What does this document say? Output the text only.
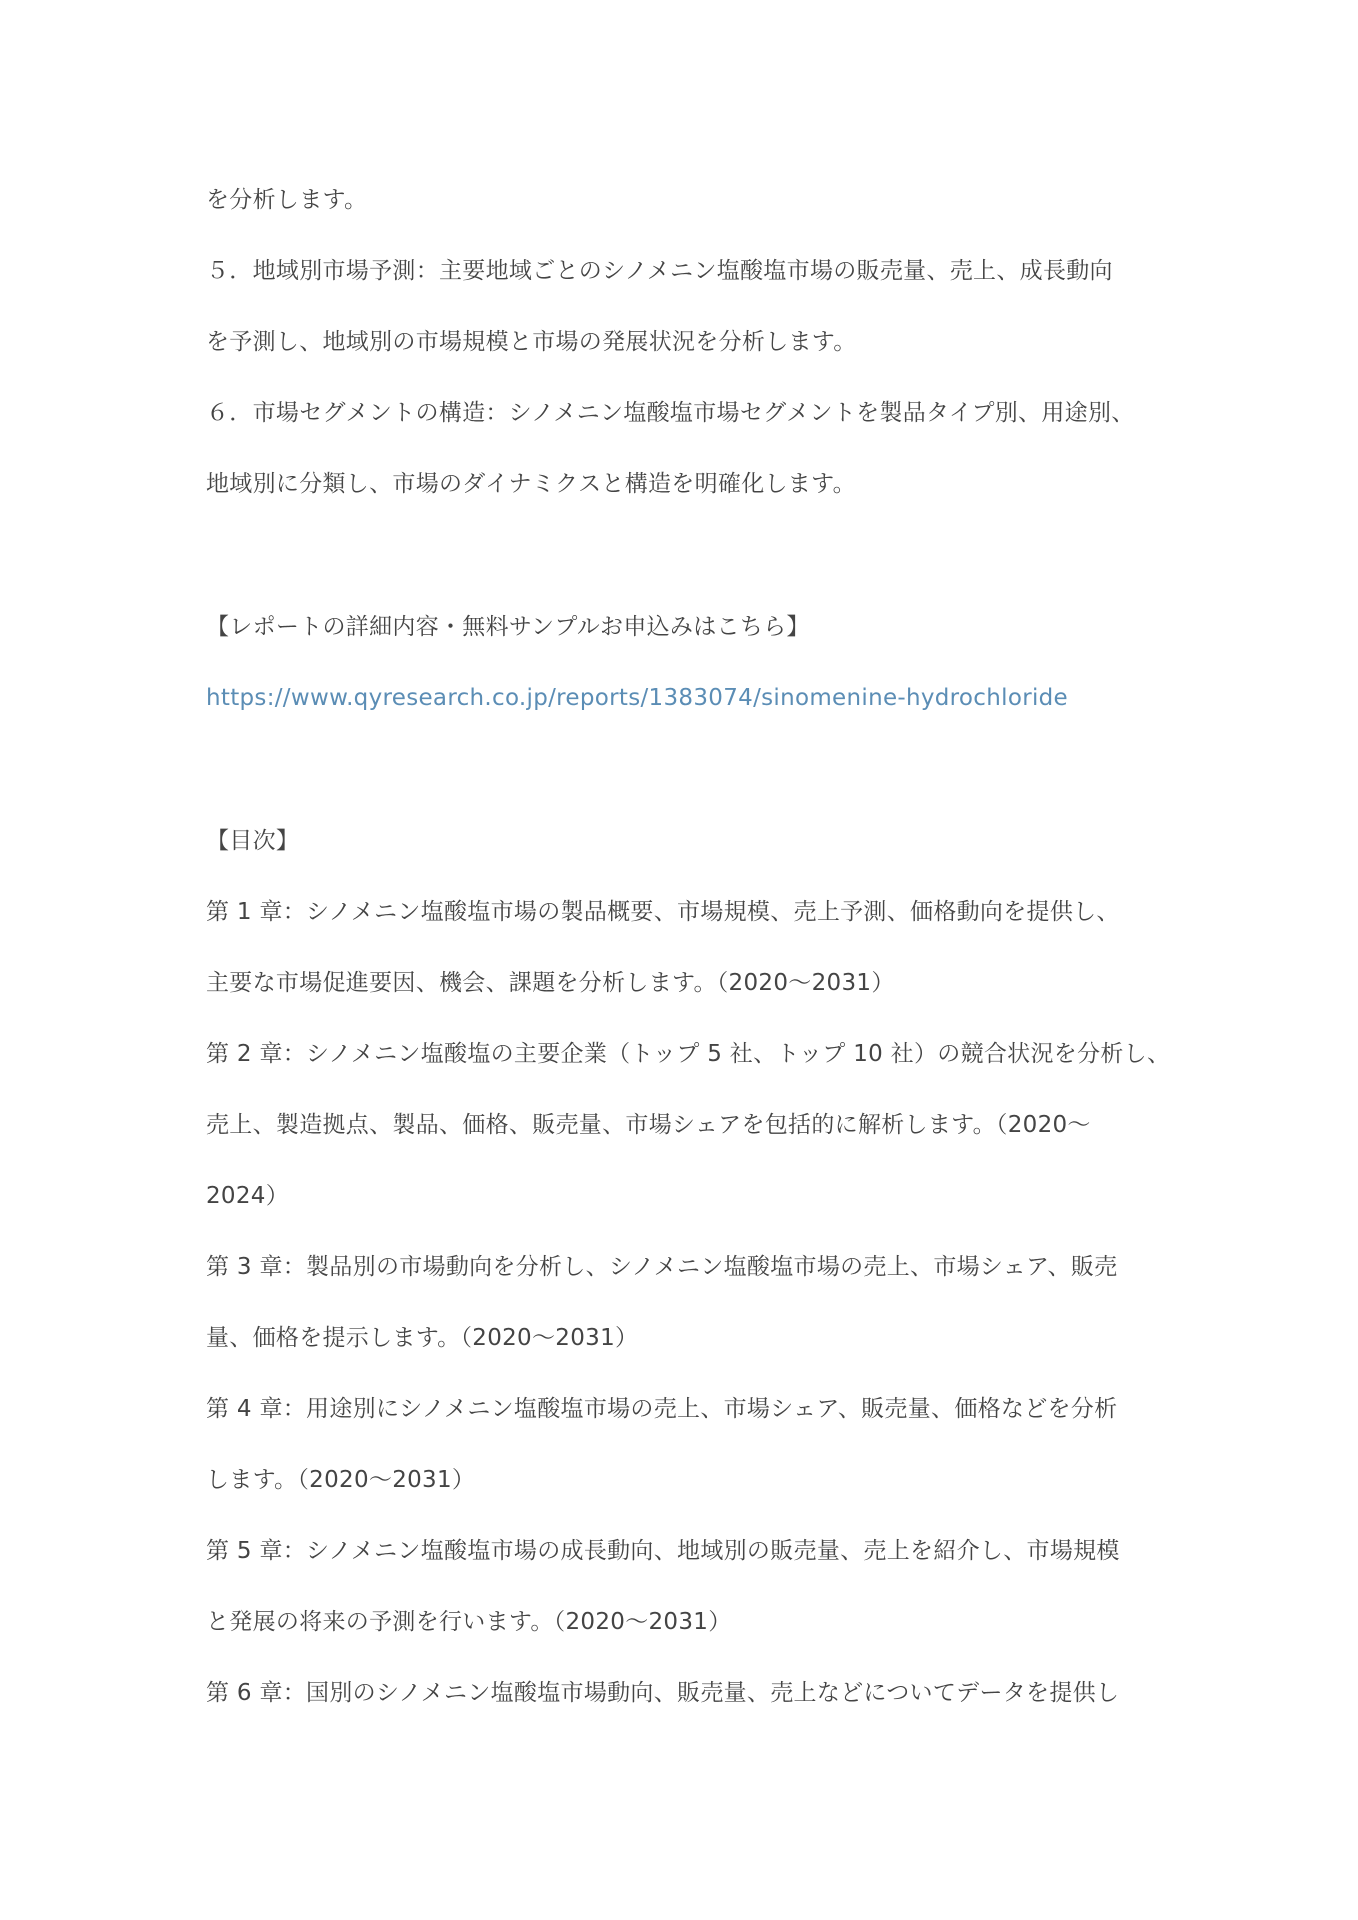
を分析します。
５．地域別市場予測：主要地域ごとのシノメニン塩酸塩市場の販売量、売上、成長動向
を予測し、地域別の市場規模と市場の発展状況を分析します。
６．市場セグメントの構造：シノメニン塩酸塩市場セグメントを製品タイプ別、用途別、
地域別に分類し、市場のダイナミクスと構造を明確化します。
【レポートの詳細内容・無料サンプルお申込みはこちら】
https://www.qyresearch.co.jp/reports/1383074/sinomenine-hydrochloride
【目次】
第 1 章：シノメニン塩酸塩市場の製品概要、市場規模、売上予測、価格動向を提供し、
主要な市場促進要因、機会、課題を分析します。（2020～2031）
第 2 章：シノメニン塩酸塩の主要企業（トップ 5 社、トップ 10 社）の競合状況を分析し、
売上、製造拠点、製品、価格、販売量、市場シェアを包括的に解析します。（2020～
2024）
第 3 章：製品別の市場動向を分析し、シノメニン塩酸塩市場の売上、市場シェア、販売
量、価格を提示します。（2020～2031）
第 4 章：用途別にシノメニン塩酸塩市場の売上、市場シェア、販売量、価格などを分析
します。（2020～2031）
第 5 章：シノメニン塩酸塩市場の成長動向、地域別の販売量、売上を紹介し、市場規模
と発展の将来の予測を行います。（2020～2031）
第 6 章：国別のシノメニン塩酸塩市場動向、販売量、売上などについてデータを提供し
